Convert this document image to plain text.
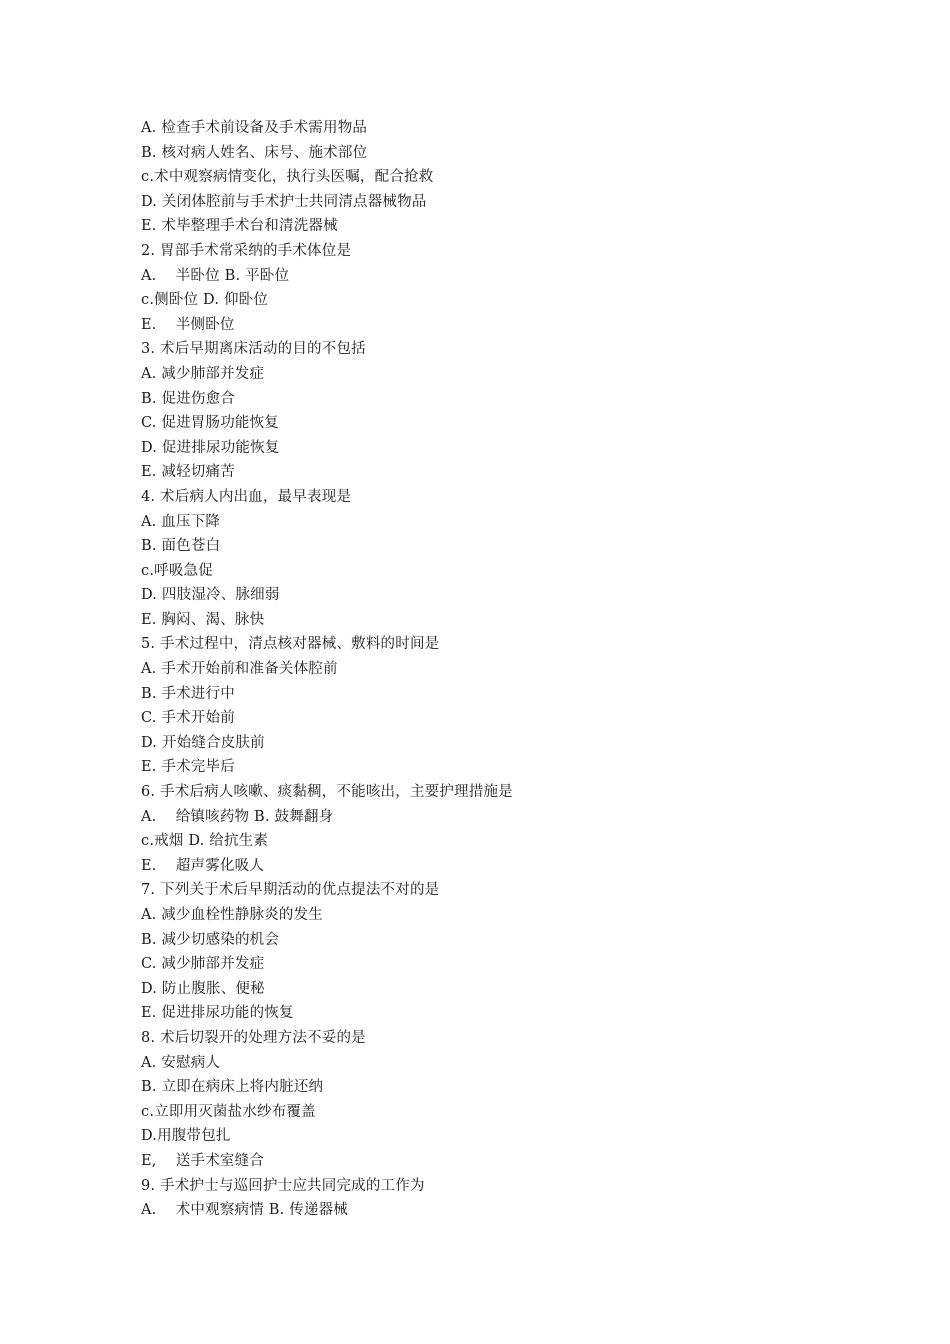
A. 检查手术前设备及手术需用物品
B. 核对病人姓名、床号、施术部位
c.术中观察病情变化，执行头医嘱，配合抢救
D. 关闭体腔前与手术护士共同清点器械物品
E. 术毕整理手术台和清洗器械
2. 胃部手术常采纳的手术体位是
A.    半卧位 B. 平卧位
c.侧卧位 D. 仰卧位
E.    半侧卧位
3. 术后早期离床活动的目的不包括
A. 减少肺部并发症
B. 促进伤愈合
C. 促进胃肠功能恢复
D. 促进排尿功能恢复
E. 减轻切痛苦
4. 术后病人内出血，最早表现是
A. 血压下降
B. 面色苍白
c.呼吸急促
D. 四肢湿冷、脉细弱
E. 胸闷、渴、脉快
5. 手术过程中，清点核对器械、敷料的时间是
A. 手术开始前和准备关体腔前
B. 手术进行中
C. 手术开始前
D. 开始缝合皮肤前
E. 手术完毕后
6. 手术后病人咳嗽、痰黏稠，不能咳出，主要护理措施是
A.    给镇咳药物 B. 鼓舞翻身
c.戒烟 D. 给抗生素
E.    超声雾化吸人
7. 下列关于术后早期活动的优点提法不对的是
A. 减少血栓性静脉炎的发生
B. 减少切感染的机会
C. 减少肺部并发症
D. 防止腹胀、便秘
E. 促进排尿功能的恢复
8. 术后切裂开的处理方法不妥的是
A. 安慰病人
B. 立即在病床上将内脏还纳
c.立即用灭菌盐水纱布覆盖
D.用腹带包扎
E,    送手术室缝合
9. 手术护士与巡回护士应共同完成的工作为
A.    术中观察病情 B. 传递器械
